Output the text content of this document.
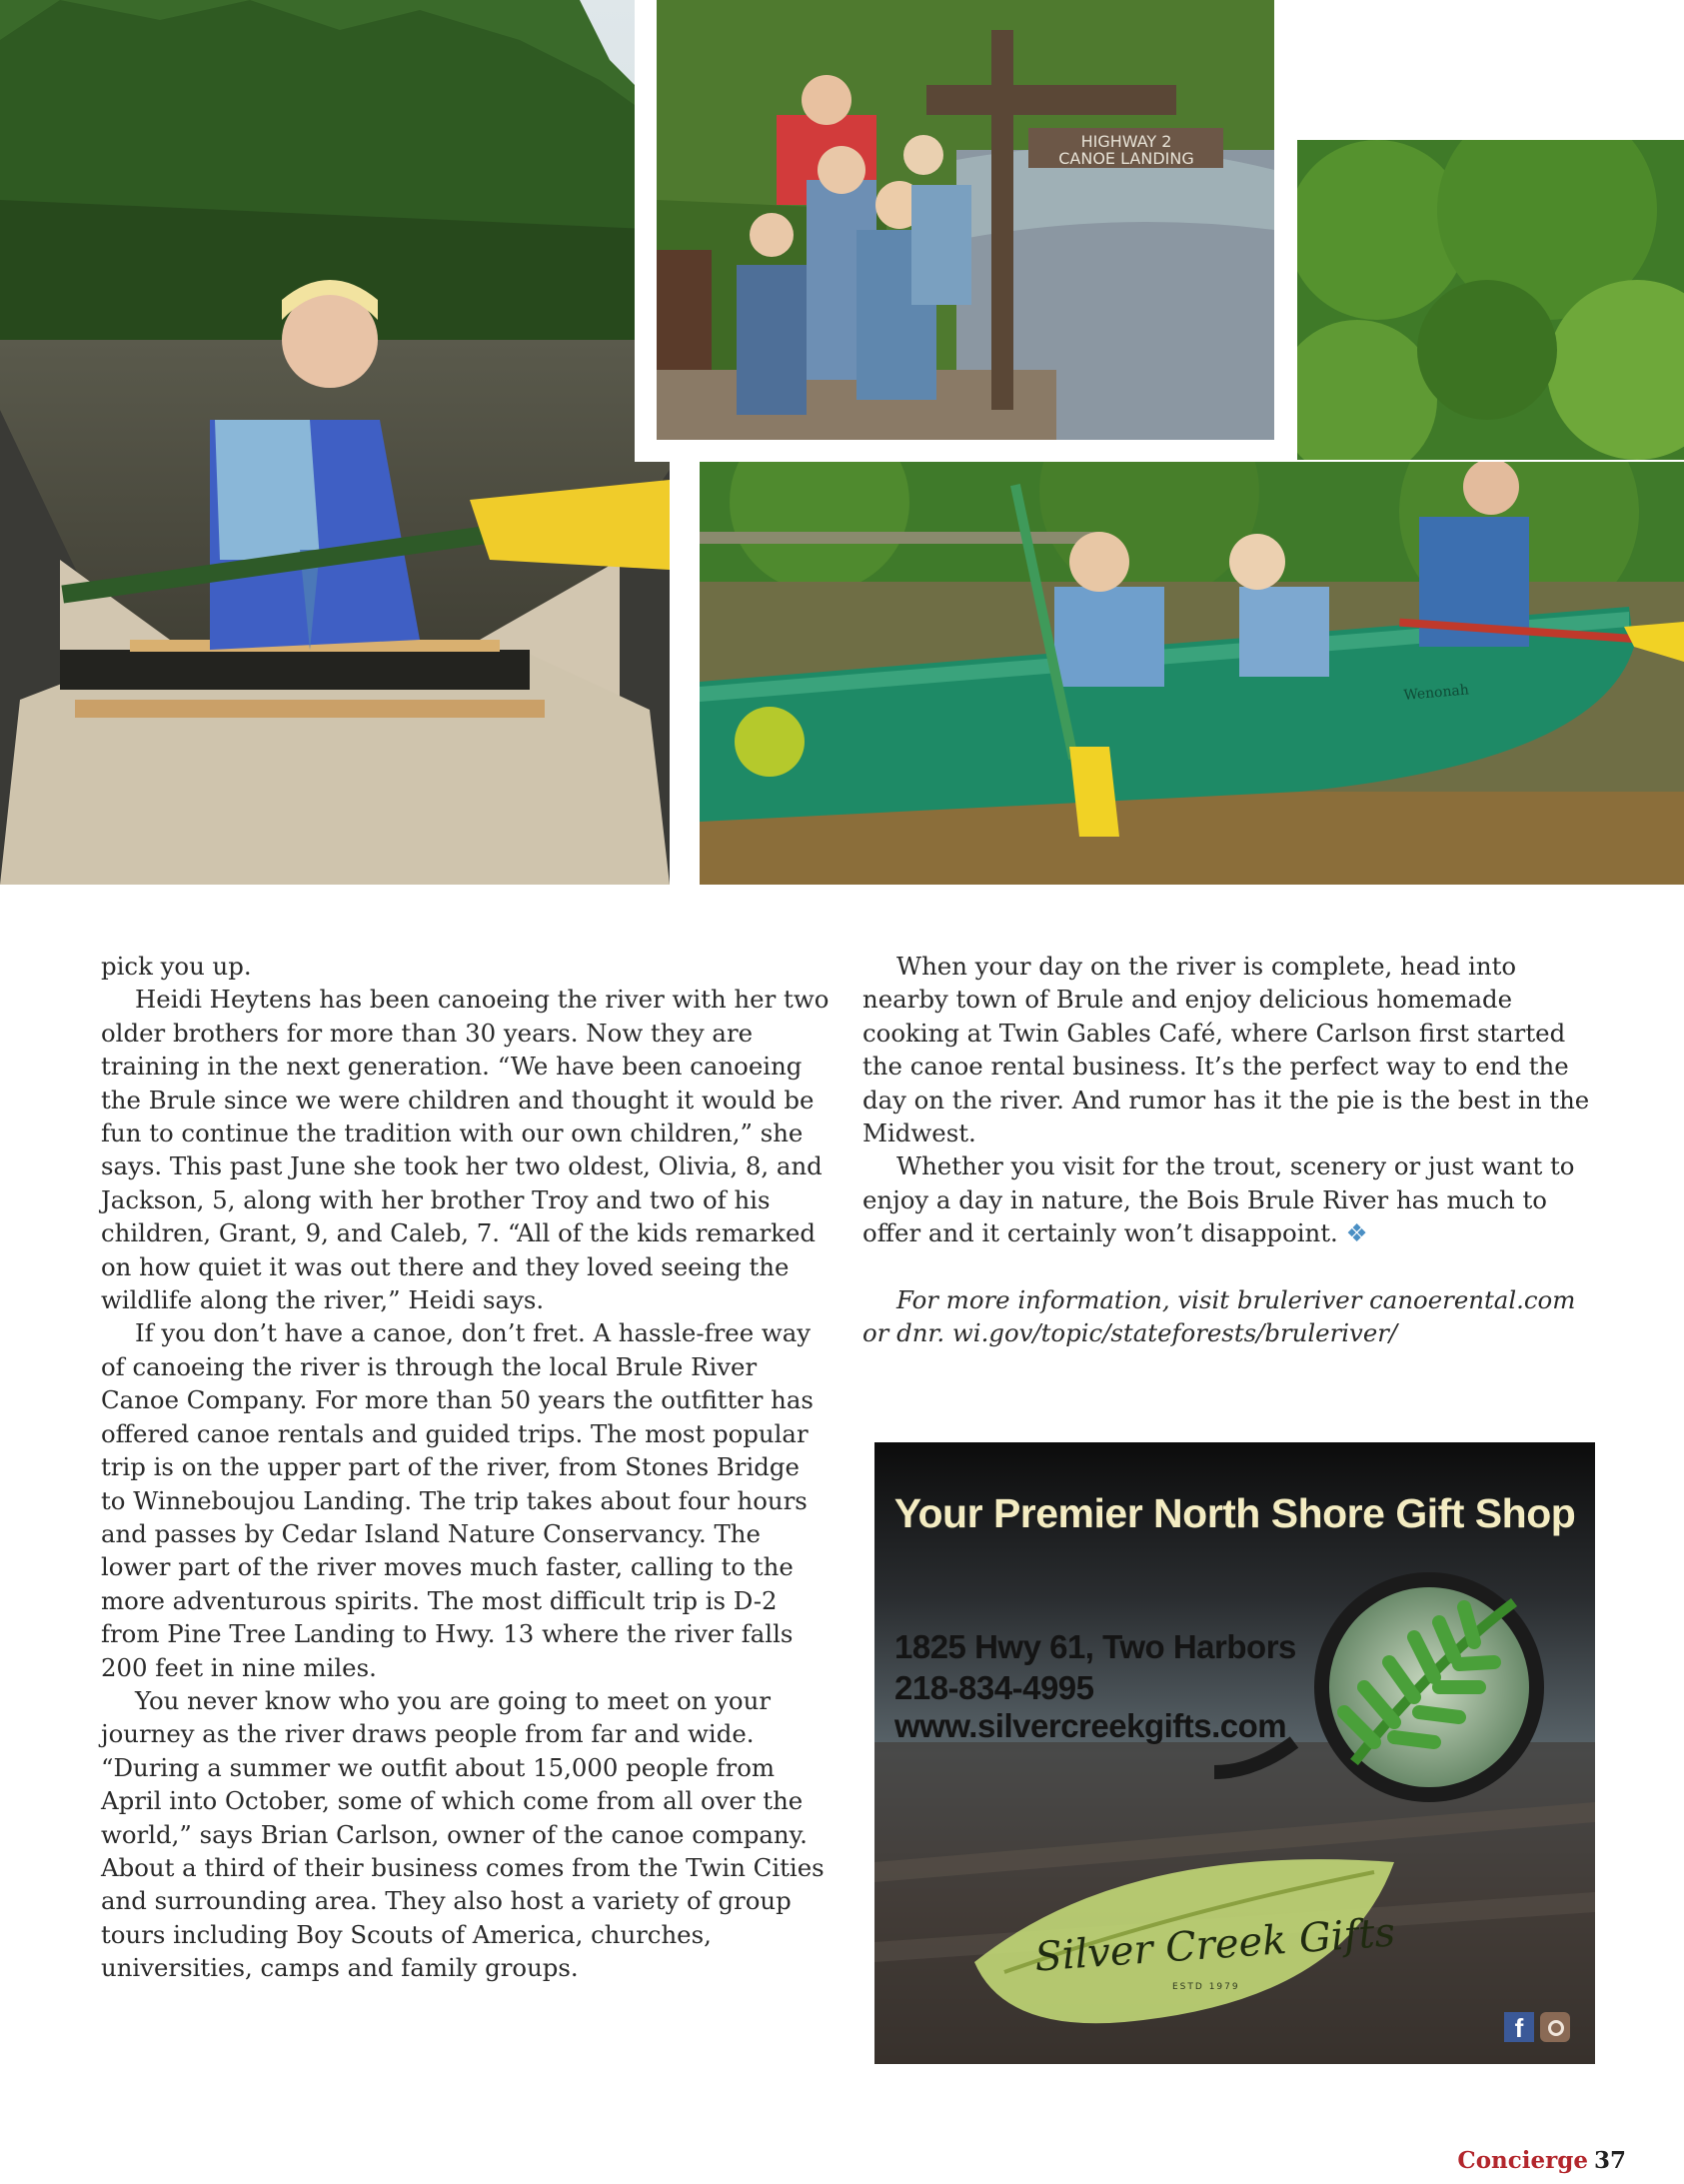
HIGHWAY 2
CANOE LANDING
Wenonah

pick you up.

Heidi Heytens has been canoeing the river with her two older brothers for more than 30 years. Now they are training in the next generation. “We have been canoeing the Brule since we were children and thought it would be fun to continue the tradition with our own children,” she says. This past June she took her two oldest, Olivia, 8, and Jackson, 5, along with her brother Troy and two of his children, Grant, 9, and Caleb, 7. “All of the kids remarked on how quiet it was out there and they loved seeing the wildlife along the river,” Heidi says.

If you don’t have a canoe, don’t fret. A hassle-free way of canoeing the river is through the local Brule River Canoe Company. For more than 50 years the outfitter has offered canoe rentals and guided trips. The most popular trip is on the upper part of the river, from Stones Bridge to Winneboujou Landing. The trip takes about four hours and passes by Cedar Island Nature Conservancy. The lower part of the river moves much faster, calling to the more adventurous spirits. The most difficult trip is D-2 from Pine Tree Landing to Hwy. 13 where the river falls 200 feet in nine miles.

You never know who you are going to meet on your journey as the river draws people from far and wide. “During a summer we outfit about 15,000 people from April into October, some of which come from all over the world,” says Brian Carlson, owner of the canoe company. About a third of their business comes from the Twin Cities and surrounding area. They also host a variety of group tours including Boy Scouts of America, churches, universities, camps and family groups.

When your day on the river is complete, head into nearby town of Brule and enjoy delicious homemade cooking at Twin Gables Café, where Carlson first started the canoe rental business. It’s the perfect way to end the day on the river. And rumor has it the pie is the best in the Midwest.

Whether you visit for the trout, scenery or just want to enjoy a day in nature, the Bois Brule River has much to offer and it certainly won’t disappoint. ❖

For more information, visit bruleriver canoerental.com or dnr. wi.gov/topic/stateforests/bruleriver/

Your Premier North Shore Gift Shop
1825 Hwy 61, Two Harbors
218-834-4995
www.silvercreekgifts.com
Silver Creek Gifts
ESTD 1979
f
Concierge 37
